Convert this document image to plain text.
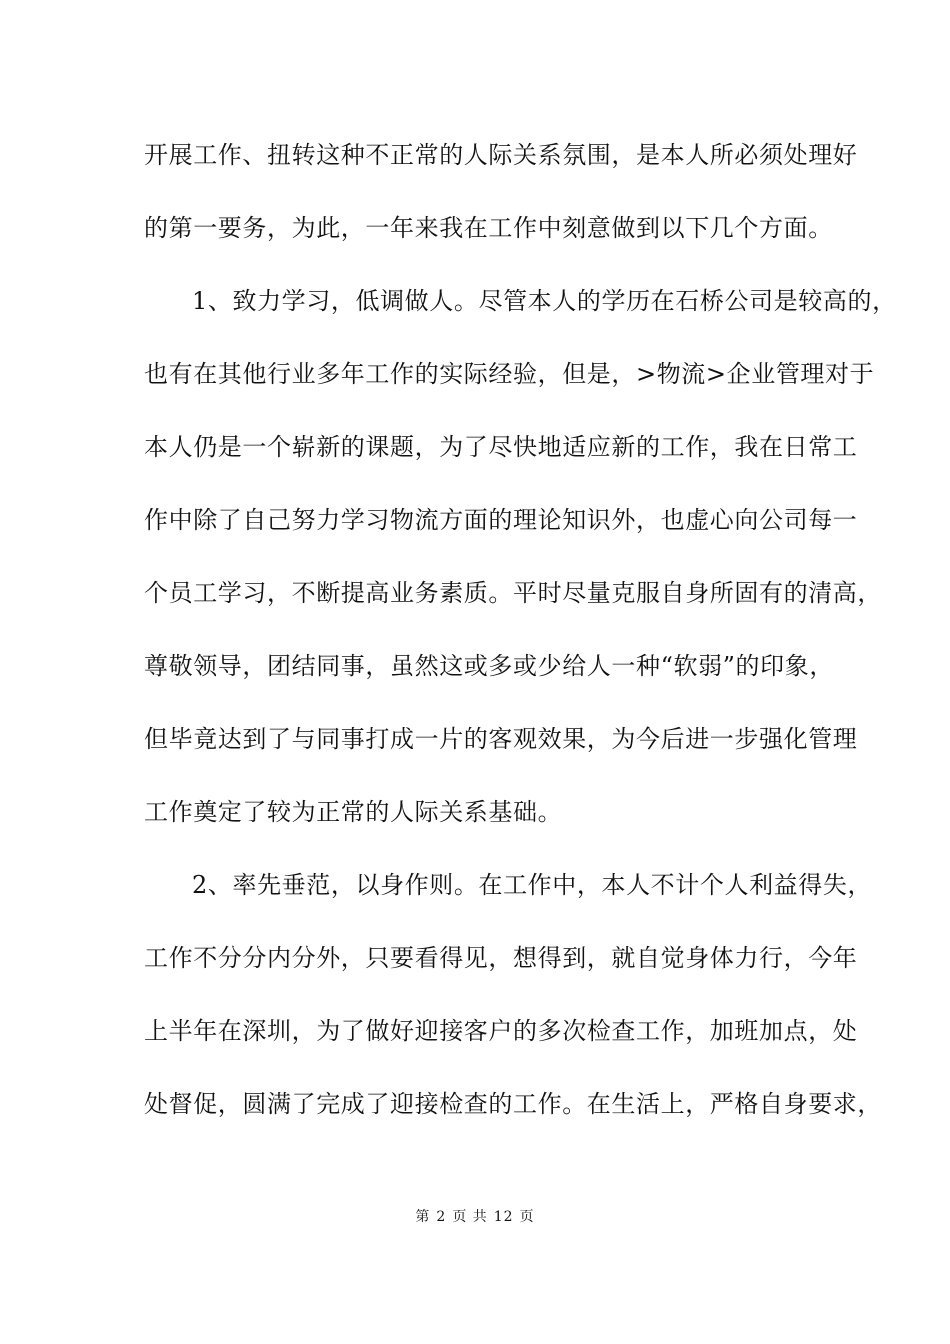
开展工作、扭转这种不正常的人际关系氛围，是本人所必须处理好
的第一要务，为此，一年来我在工作中刻意做到以下几个方面。
1、致力学习，低调做人。尽管本人的学历在石桥公司是较高的，
也有在其他行业多年工作的实际经验，但是，>物流>企业管理对于
本人仍是一个崭新的课题，为了尽快地适应新的工作，我在日常工
作中除了自己努力学习物流方面的理论知识外，也虚心向公司每一
个员工学习，不断提高业务素质。平时尽量克服自身所固有的清高，
尊敬领导，团结同事，虽然这或多或少给人一种“软弱”的印象，
但毕竟达到了与同事打成一片的客观效果，为今后进一步强化管理
工作奠定了较为正常的人际关系基础。
2、率先垂范，以身作则。在工作中，本人不计个人利益得失，
工作不分分内分外，只要看得见，想得到，就自觉身体力行，今年
上半年在深圳，为了做好迎接客户的多次检查工作，加班加点，处
处督促，圆满了完成了迎接检查的工作。在生活上，严格自身要求，
第 2 页 共 12 页
